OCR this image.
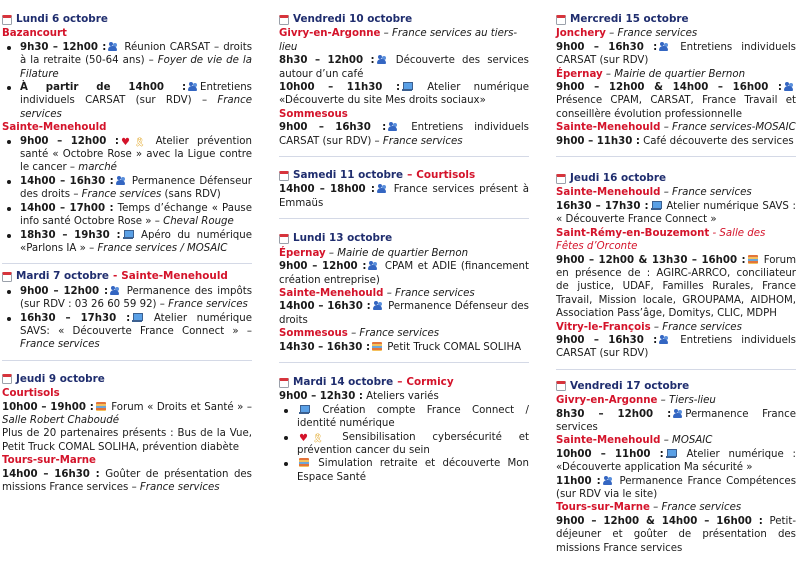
Lundi 6 octobre
Bazancourt
9h30 – 12h00 : Réunion CARSAT – droits à la retraite (50-64 ans) – Foyer de vie de la Filature
À partir de 14h00 : Entretiens individuels CARSAT (sur RDV) – France services
Sainte-Menehould
9h00 – 12h00 : ♥ 🎗 Atelier prévention santé « Octobre Rose » avec la Ligue contre le cancer – marché
14h00 – 16h30 : Permanence Défenseur des droits – France services (sans RDV)
14h00 – 17h00 : Temps d’échange « Pause info santé Octobre Rose » – Cheval Rouge
18h30 – 19h30 : Apéro du numérique «Parlons IA » – France services / MOSAIC
Mardi 7 octobre - Sainte-Menehould
9h00 – 12h00 : Permanence des impôts (sur RDV : 03 26 60 59 92) – France services
16h30 – 17h30 : Atelier numérique SAVS: « Découverte France Connect » – France services
Jeudi 9 octobre
Courtisols

10h00 – 19h00 : Forum « Droits et Santé » – Salle Robert Chaboudé

Plus de 20 partenaires présents : Bus de la Vue, Petit Truck COMAL SOLIHA, prévention diabète

Tours-sur-Marne

14h00 – 16h30 : Goûter de présentation des missions France services – France services

Vendredi 10 octobre
Givry-en-Argonne – France services au tiers-lieu

8h30 – 12h00 : Découverte des services autour d’un café

10h00 – 11h30 : Atelier numérique «Découverte du site Mes droits sociaux»

Sommesous

9h00 – 16h30 : Entretiens individuels CARSAT (sur RDV) – France services

Samedi 11 octobre – Courtisols

14h00 – 18h00 : France services présent à Emmaüs

Lundi 13 octobre
Épernay – Mairie de quartier Bernon

9h00 – 12h00 : CPAM et ADIE (financement création entreprise)

Sainte-Menehould – France services

14h00 – 16h30 : Permanence Défenseur des droits

Sommesous – France services

14h30 – 16h30 : Petit Truck COMAL SOLIHA

Mardi 14 octobre – Cormicy

9h00 – 12h30 : Ateliers variés

Création compte France Connect / identité numérique
♥ 🎗 Sensibilisation cybersécurité et prévention cancer du sein
Simulation retraite et découverte Mon Espace Santé
Mercredi 15 octobre
Jonchery – France services

9h00 – 16h30 : Entretiens individuels CARSAT (sur RDV)

Épernay – Mairie de quartier Bernon

9h00 – 12h00 & 14h00 – 16h00 : Présence CPAM, CARSAT, France Travail et conseillère évolution professionnelle

Sainte-Menehould – France services-MOSAIC

9h00 – 11h30 : Café découverte des services

Jeudi 16 octobre
Sainte-Menehould – France services

16h30 – 17h30 : Atelier numérique SAVS : « Découverte France Connect »

Saint-Rémy-en-Bouzemont - Salle des Fêtes d’Orconte

9h00 – 12h00 & 13h30 – 16h00 : Forum en présence de : AGIRC-ARRCO, conciliateur de justice, UDAF, Familles Rurales, France Travail, Mission locale, GROUPAMA, AIDHOM, Association Pass’âge, Domitys, CLIC, MDPH

Vitry-le-François – France services

9h00 – 16h30 : Entretiens individuels CARSAT (sur RDV)

Vendredi 17 octobre
Givry-en-Argonne – Tiers-lieu

8h30 – 12h00 : Permanence France services

Sainte-Menehould – MOSAIC

10h00 – 11h00 : Atelier numérique : «Découverte application Ma sécurité »

11h00 : Permanence France Compétences (sur RDV via le site)

Tours-sur-Marne – France services

9h00 – 12h00 & 14h00 – 16h00 : Petit-déjeuner et goûter de présentation des missions France services
